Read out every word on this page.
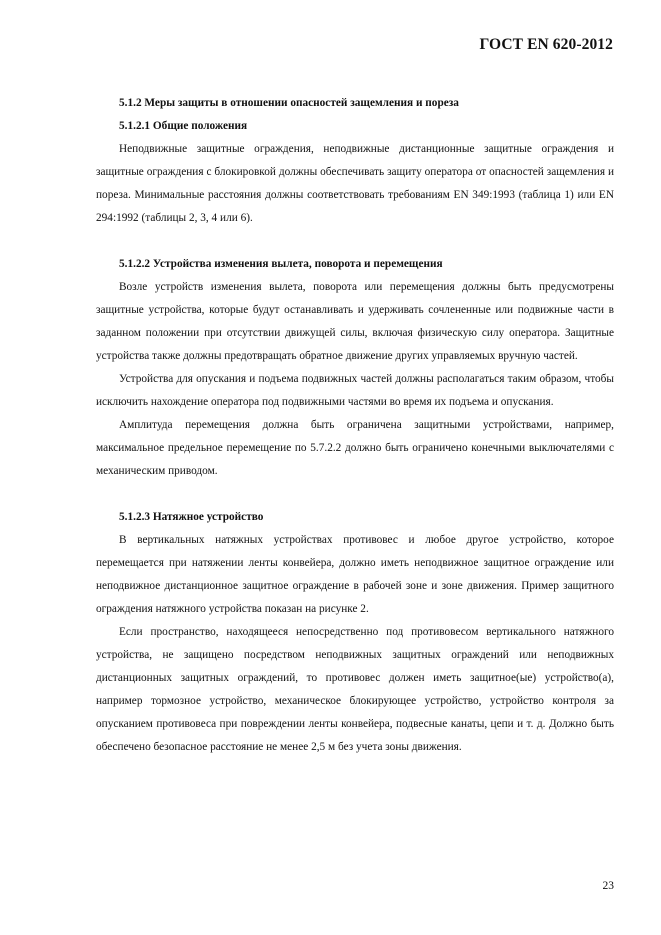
ГОСТ EN 620-2012

5.1.2 Меры защиты в отношении опасностей защемления и пореза

5.1.2.1 Общие положения

Неподвижные защитные ограждения, неподвижные дистанционные защитные ограждения и защитные ограждения с блокировкой должны обеспечивать защиту оператора от опасностей защемления и пореза. Минимальные расстояния должны соответствовать требованиям EN 349:1993 (таблица 1) или EN 294:1992 (таблицы 2, 3, 4 или 6).

5.1.2.2 Устройства изменения вылета, поворота и перемещения

Возле устройств изменения вылета, поворота или перемещения должны быть предусмотрены защитные устройства, которые будут останавливать и удерживать сочлененные или подвижные части в заданном положении при отсутствии движущей силы, включая физическую силу оператора. Защитные устройства также должны предотвращать обратное движение других управляемых вручную частей.

Устройства для опускания и подъема подвижных частей должны располагаться таким образом, чтобы исключить нахождение оператора под подвижными частями во время их подъема и опускания.

Амплитуда перемещения должна быть ограничена защитными устройствами, например, максимальное предельное перемещение по 5.7.2.2 должно быть ограничено конечными выключателями с механическим приводом.

5.1.2.3 Натяжное устройство

В вертикальных натяжных устройствах противовес и любое другое устройство, которое перемещается при натяжении ленты конвейера, должно иметь неподвижное защитное ограждение или неподвижное дистанционное защитное ограждение в рабочей зоне и зоне движения. Пример защитного ограждения натяжного устройства показан на рисунке 2.

Если пространство, находящееся непосредственно под противовесом вертикального натяжного устройства, не защищено посредством неподвижных защитных ограждений или неподвижных дистанционных защитных ограждений, то противовес должен иметь защитное(ые) устройство(а), например тормозное устройство, механическое блокирующее устройство, устройство контроля за опусканием противовеса при повреждении ленты конвейера, подвесные канаты, цепи и т. д. Должно быть обеспечено безопасное расстояние не менее 2,5 м без учета зоны движения.

23
